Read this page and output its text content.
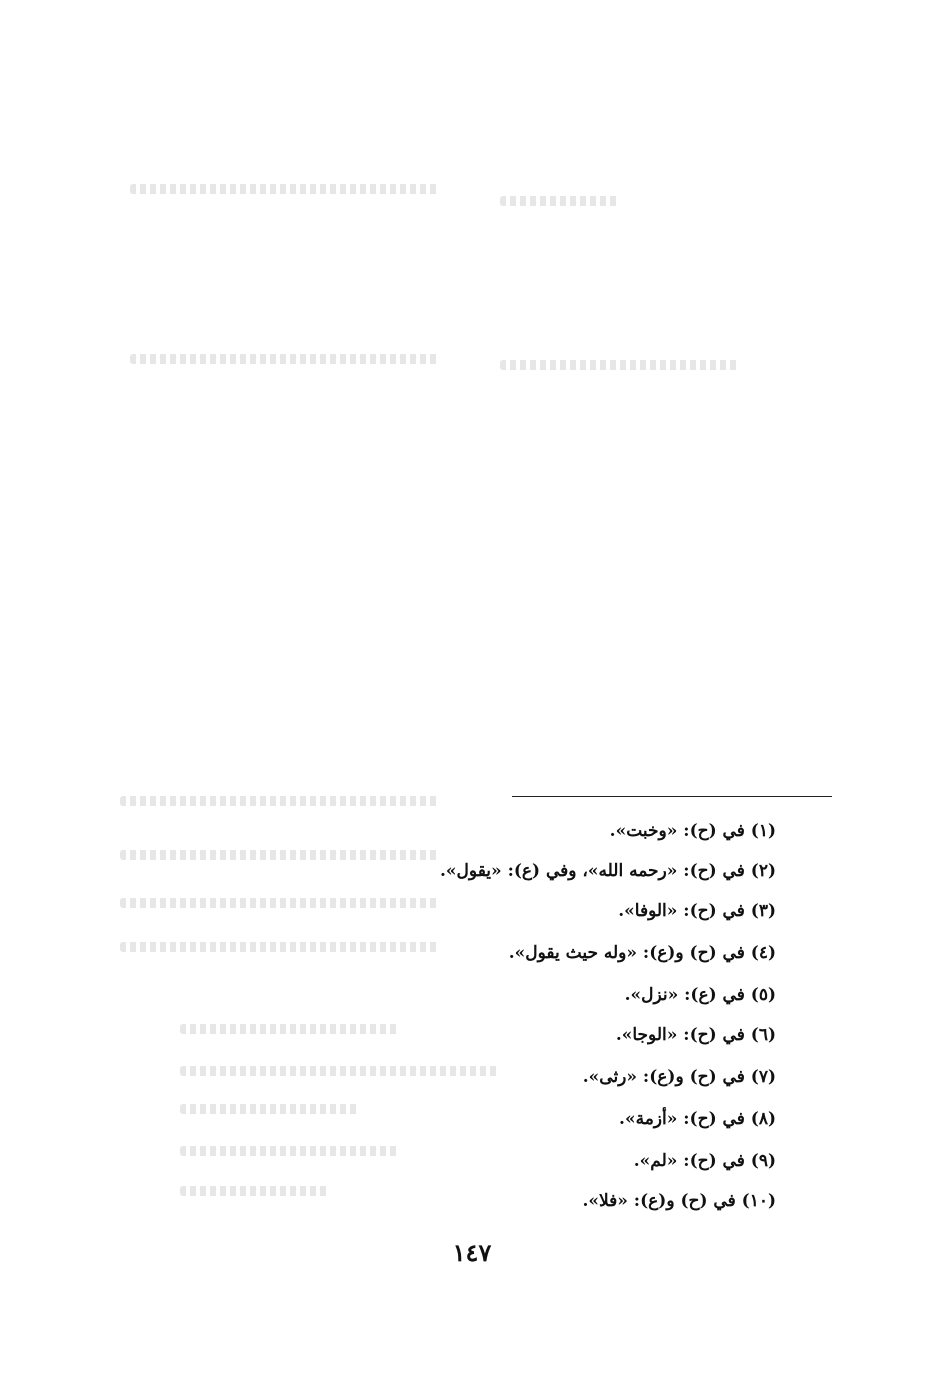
(١) في (ح): «وخبت».
(٢) في (ح): «رحمه الله»، وفي (ع): «يقول».
(٣) في (ح): «الوفا».
(٤) في (ح) و(ع): «وله حيث يقول».
(٥) في (ع): «نزل».
(٦) في (ح): «الوجا».
(٧) في (ح) و(ع): «رثى».
(٨) في (ح): «أزمة».
(٩) في (ح): «لم».
(١٠) في (ح) و(ع): «فلا».
١٤٧
